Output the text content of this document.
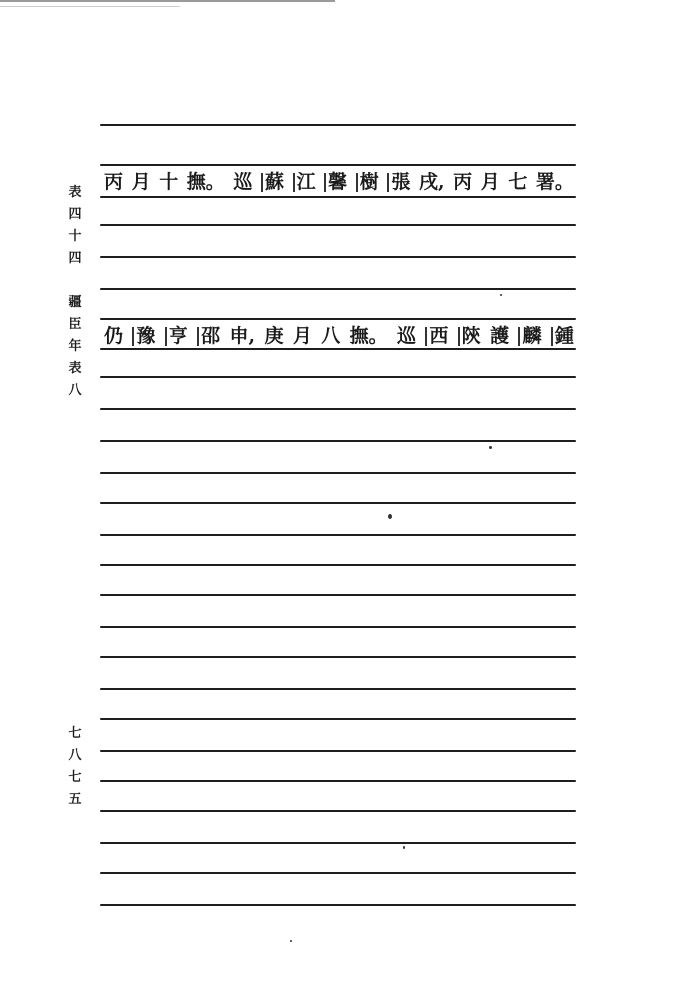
表
四
十
四
疆
臣
年
表
八
七
八
七
五
丙 月 十 撫。 巡 蘇 江 馨 樹 張 戌, 丙 月 七 署。
仍 豫 亨 邵 申, 庚 月 八 撫。 巡 西 陝 護 麟 鍾
